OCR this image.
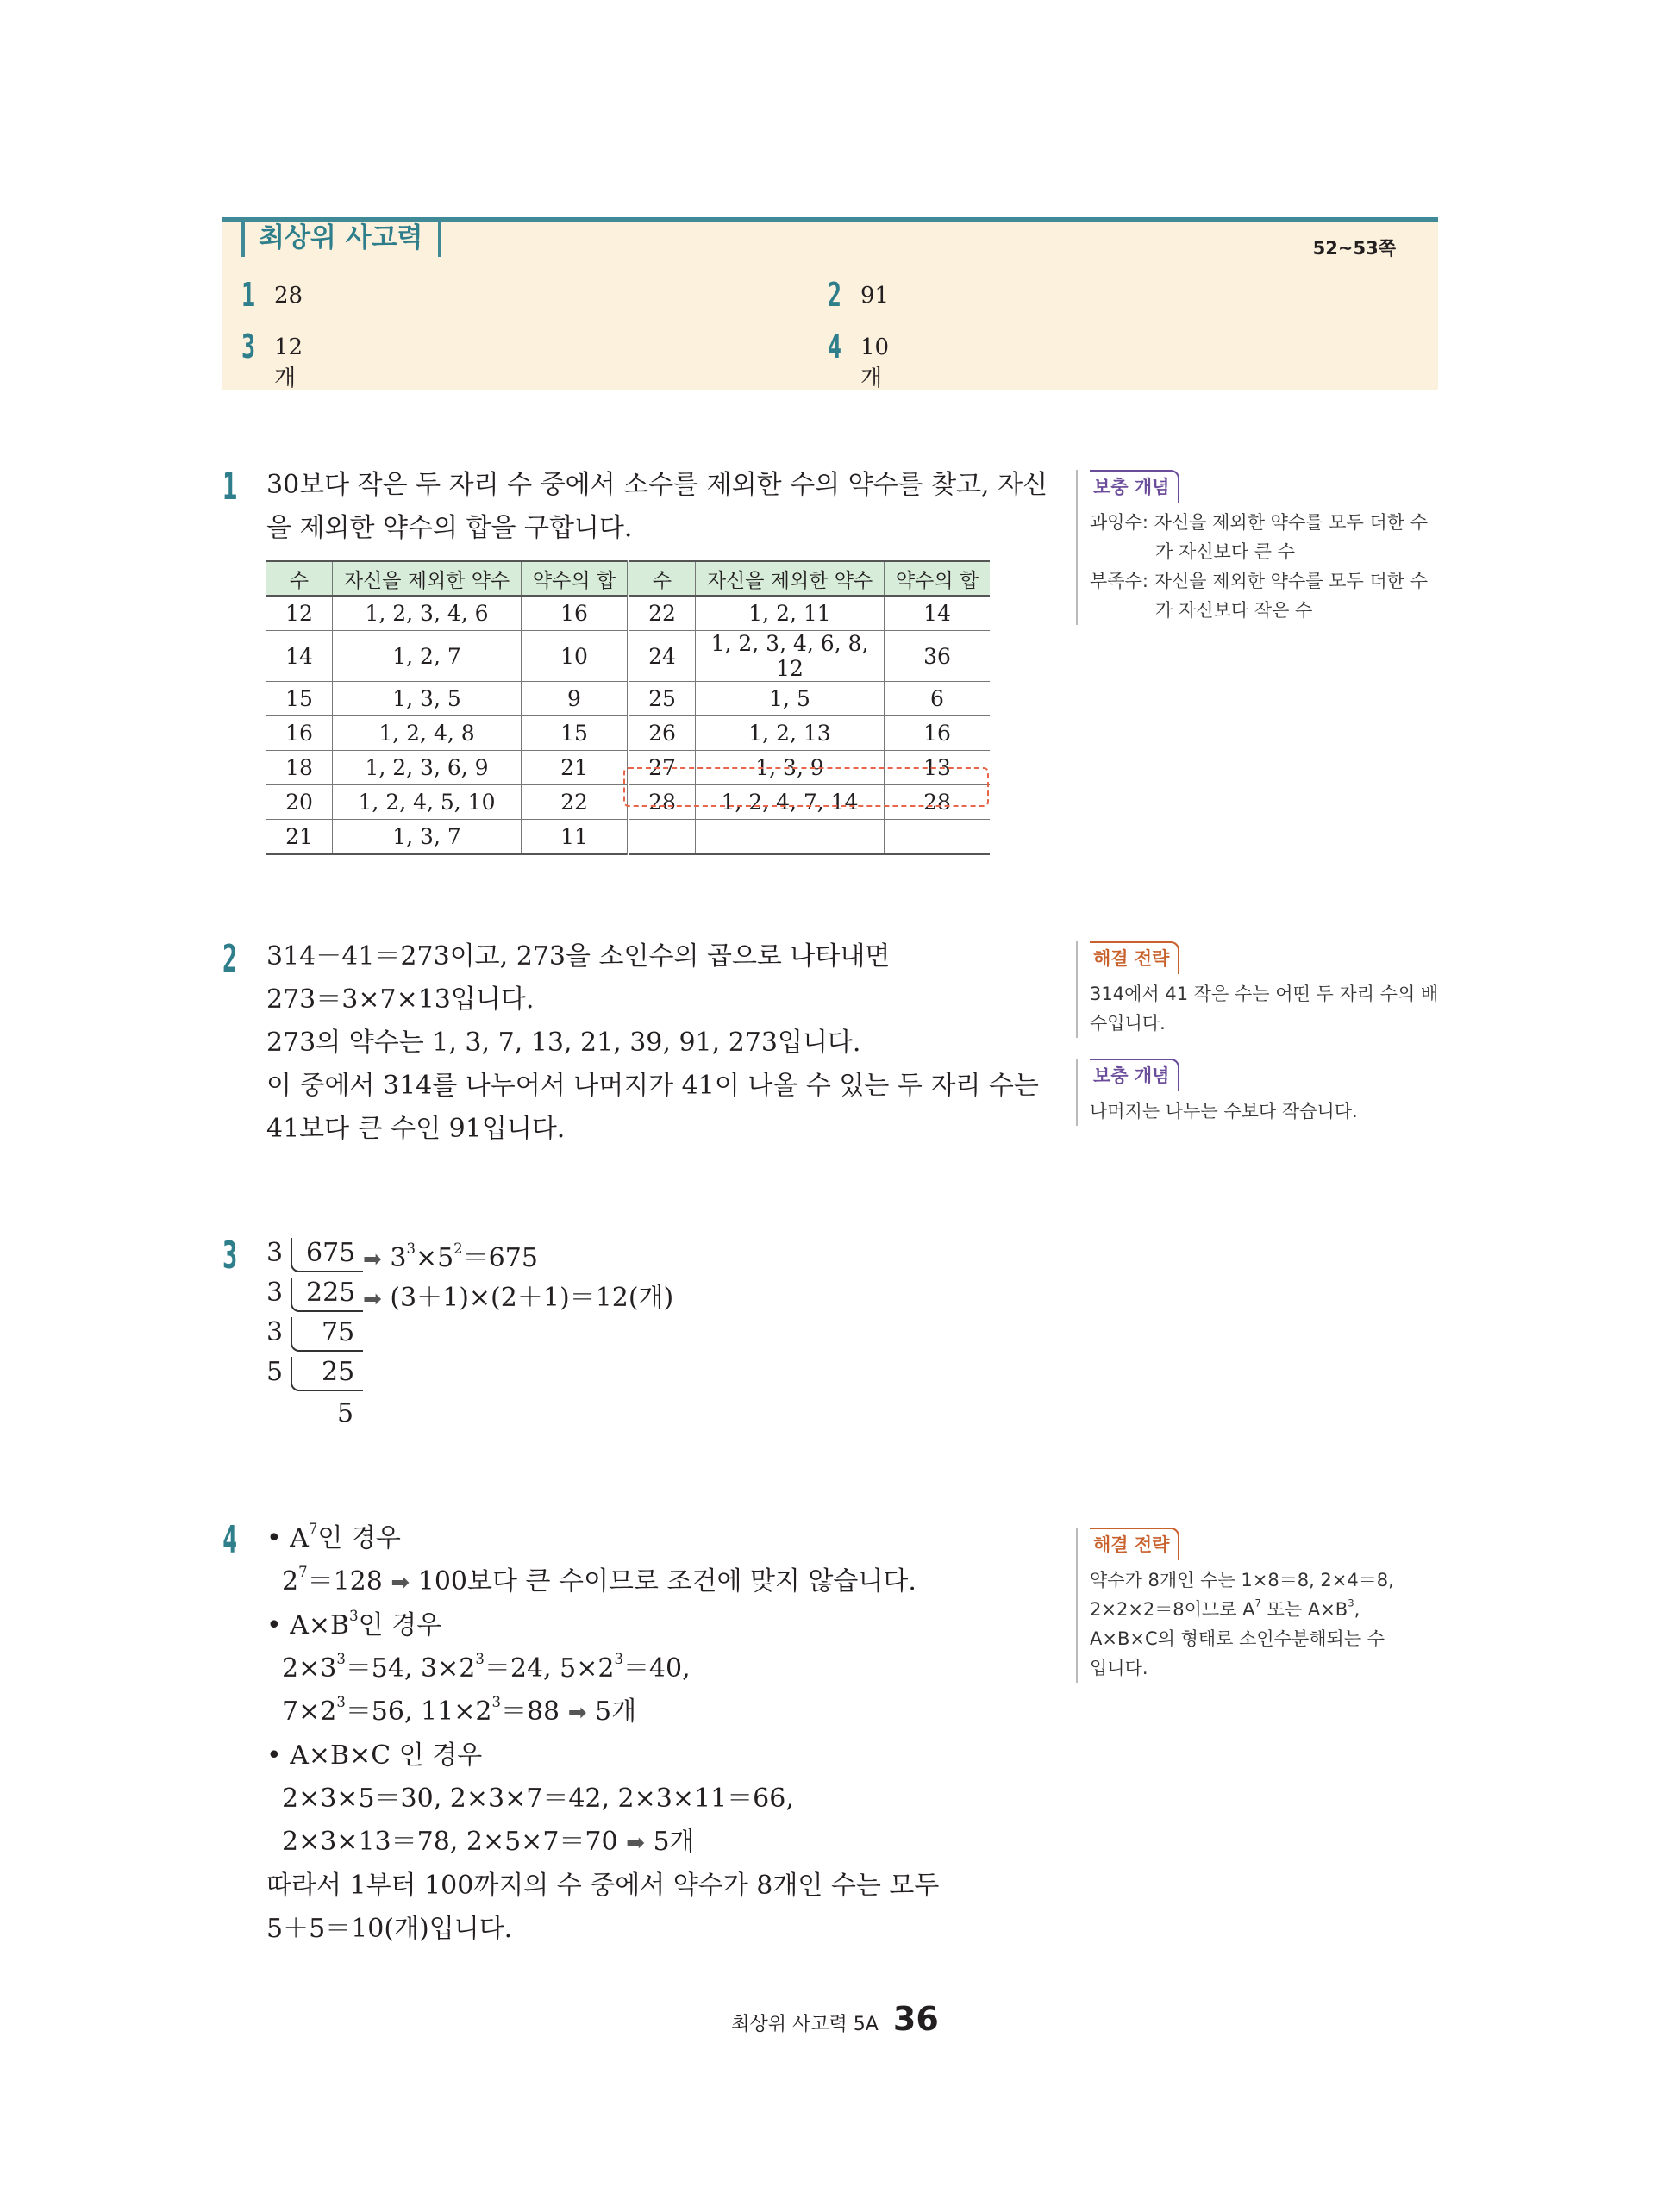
최상위 사고력	52~53쪽
1 28	2 91
3 12개
4 10개
1 30보다 작은 두 자리 수 중에서 소수를 제외한 수의 약수를 찾고, 자신
을 제외한 약수의 합을 구합니다.
수	자신을 제외한 약수	약수의 합	수	자신을 제외한 약수	약수의 합
12	1, 2, 3, 4, 6	16	22	1, 2, 11	14
14	1, 2, 7	10	24	1, 2, 3, 4, 6, 8, 12	36
15	1, 3, 5	9	25	1, 5	6
16	1, 2, 4, 8	15	26	1, 2, 13	16
18	1, 2, 3, 6, 9	21	27	1, 3, 9	13
20	1, 2, 4, 5, 10	22	28	1, 2, 4, 7, 14	28
21	1, 3, 7	11			
보충 개념
과잉수: 자신을 제외한 약수를 모두 더한 수
가 자신보다 큰 수
부족수: 자신을 제외한 약수를 모두 더한 수
가 자신보다 작은 수
2 314－41＝273이고, 273을 소인수의 곱으로 나타내면
273＝3×7×13입니다.
273의 약수는 1, 3, 7, 13, 21, 39, 91, 273입니다.
이 중에서 314를 나누어서 나머지가 41이 나올 수 있는 두 자리 수는
41보다 큰 수인 91입니다.
해결 전략
314에서 41 작은 수는 어떤 두 자리 수의 배
수입니다.
보충 개념
나머지는 나누는 수보다 작습니다.
3 3 675
3 225
3 75
5 25
5
➡ $3^3\times 5^2=675$
➡ (3＋1)×(2＋1)＝12(개)
4 • $A^7$인 경우
$2^7=128$ ➡ 100보다 큰 수이므로 조건에 맞지 않습니다.
• $A\times B^3$인 경우
$2\times 3^3=54$, $3\times 2^3=24$, $5\times 2^3=40$,
$7\times 2^3=56$, $11\times 2^3=88$ ➡ 5개
• A×B×C 인 경우
2×3×5＝30, 2×3×7＝42, 2×3×11＝66,
2×3×13＝78, 2×5×7＝70 ➡ 5개
따라서 1부터 100까지의 수 중에서 약수가 8개인 수는 모두
5＋5＝10(개)입니다.
해결 전략
약수가 8개인 수는 1×8＝8, 2×4＝8,
2×2×2＝8이므로 $A^7$ 또는 $A\times B^3$,
A×B×C의 형태로 소인수분해되는 수
입니다.
최상위 사고력 5A 36
